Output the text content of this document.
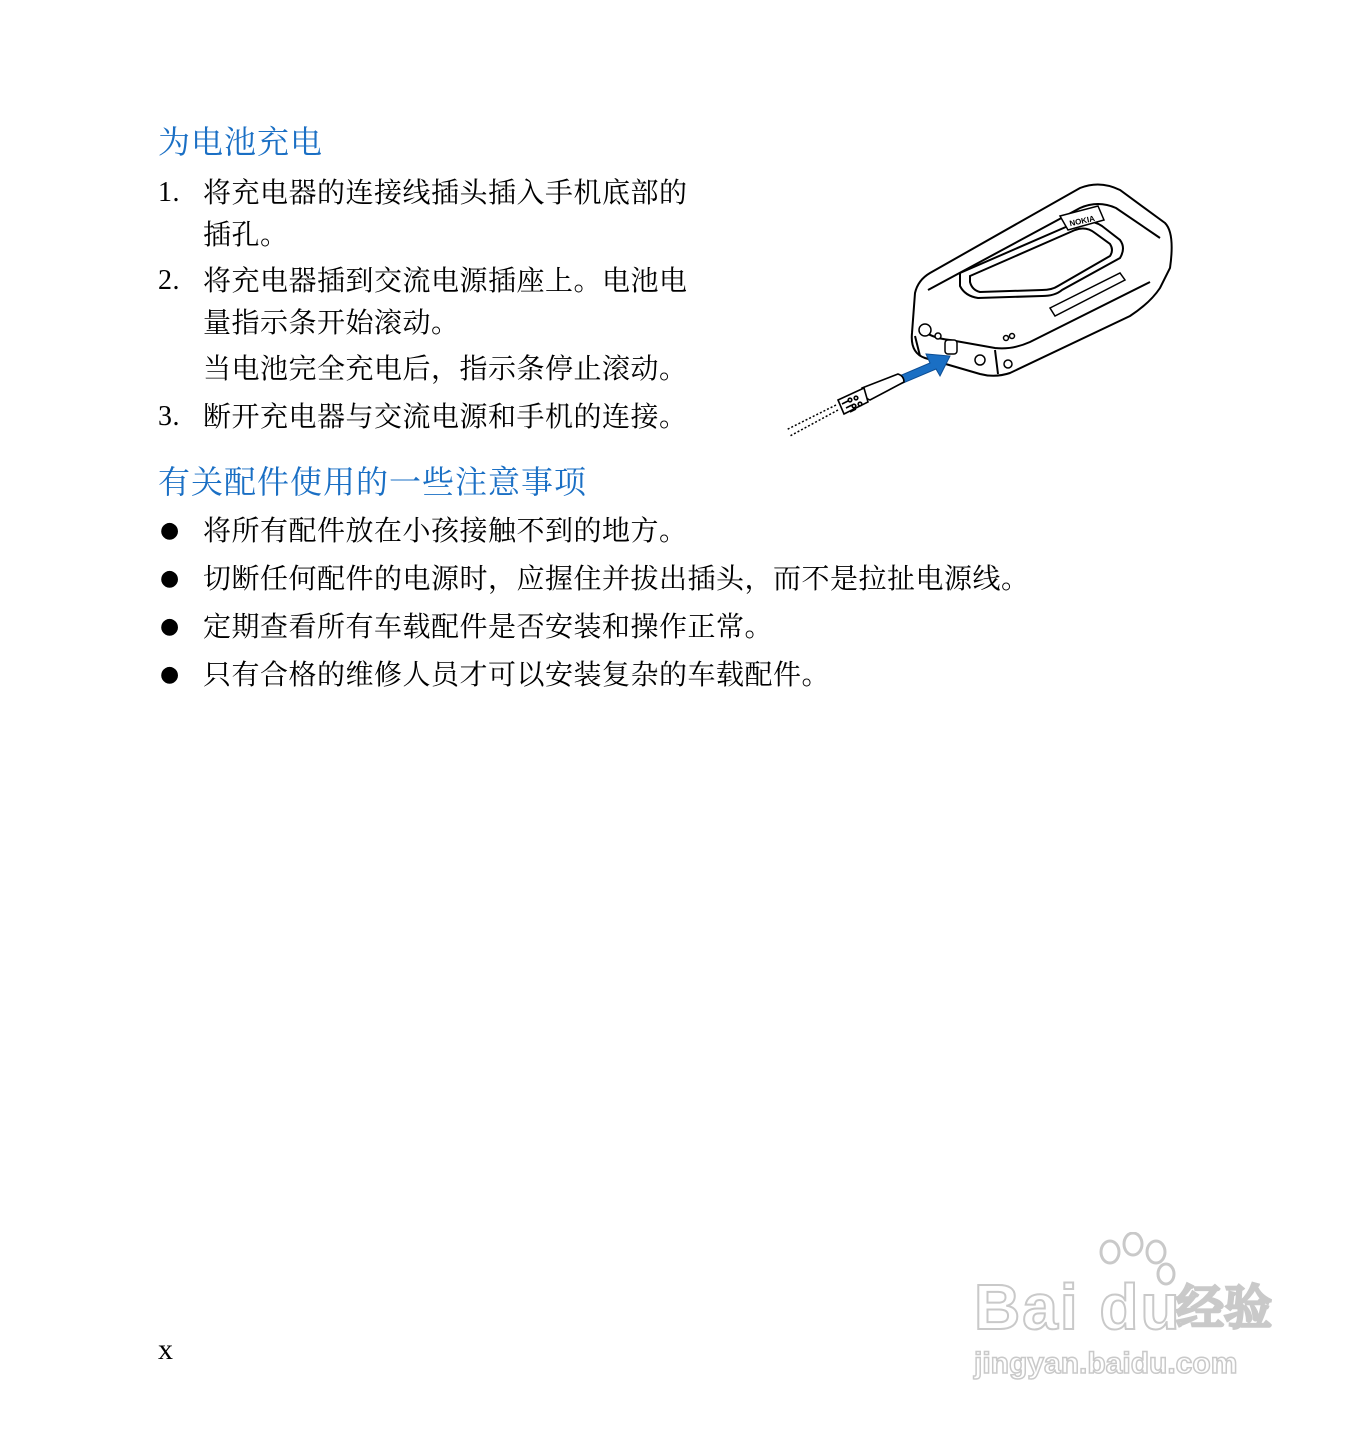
为电池充电
1. 将充电器的连接线插头插入手机底部的
插孔。
2. 将充电器插到交流电源插座上。电池电
量指示条开始滚动。
当电池完全充电后，指示条停止滚动。
3. 断开充电器与交流电源和手机的连接。
NOKIA
有关配件使用的一些注意事项
● 将所有配件放在小孩接触不到的地方。
● 切断任何配件的电源时，应握住并拔出插头，而不是拉扯电源线。
● 定期查看所有车载配件是否安装和操作正常。
● 只有合格的维修人员才可以安装复杂的车载配件。
x
Bai du
经验
jingyan.baidu.com
